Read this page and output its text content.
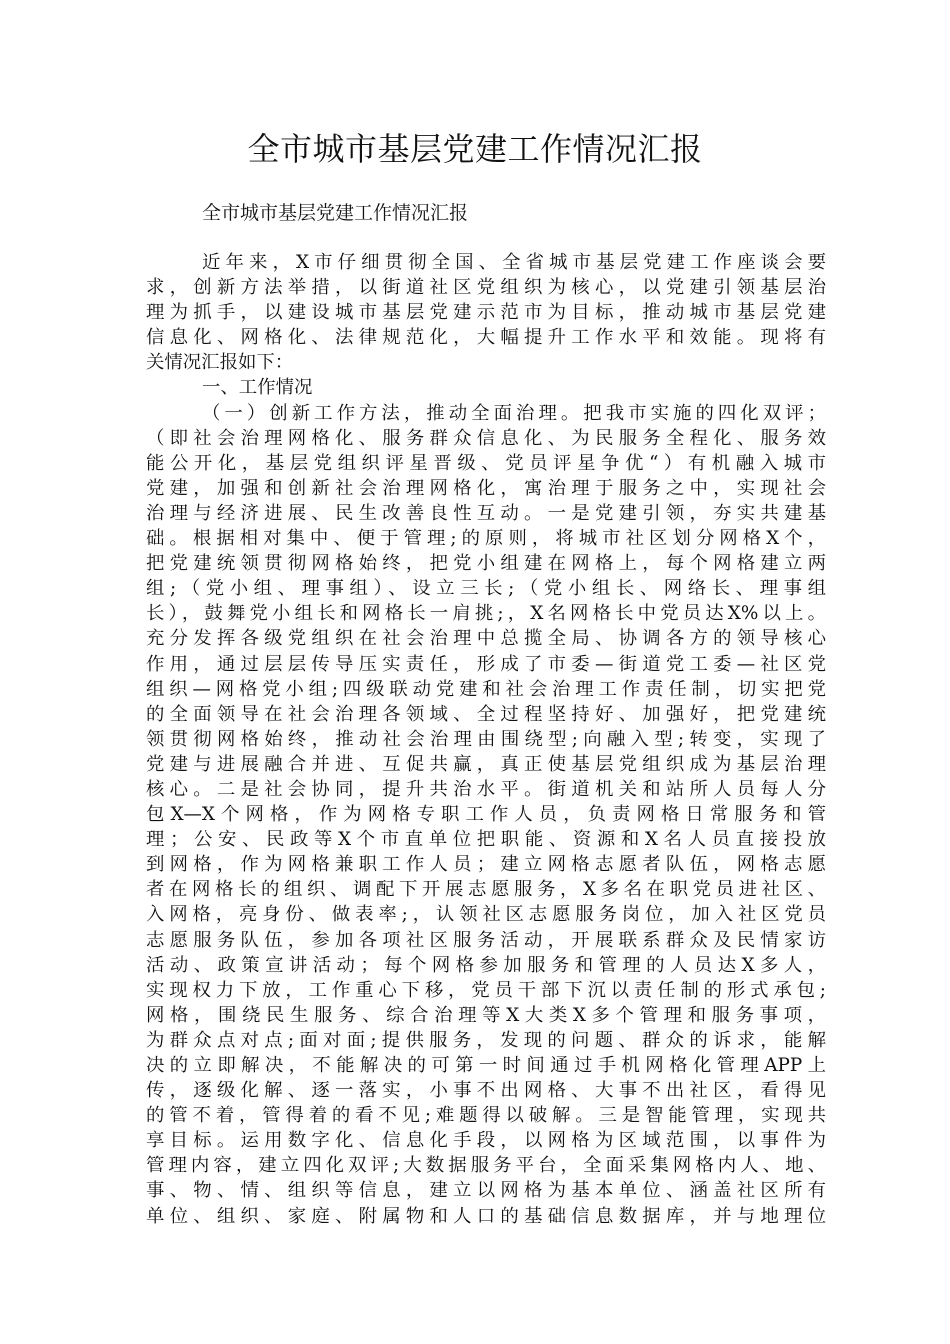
全市城市基层党建工作情况汇报

全市城市基层党建工作情况汇报

近年来，X市仔细贯彻全国、全省城市基层党建工作座谈会要
求，创新方法举措，以街道社区党组织为核心，以党建引领基层治
理为抓手，以建设城市基层党建示范市为目标，推动城市基层党建
信息化、网格化、法律规范化，大幅提升工作水平和效能。现将有
关情况汇报如下：
一、工作情况
（一）创新工作方法，推动全面治理。把我市实施的四化双评；
（即社会治理网格化、服务群众信息化、为民服务全程化、服务效
能公开化，基层党组织评星晋级、党员评星争优“）有机融入城市
党建，加强和创新社会治理网格化，寓治理于服务之中，实现社会
治理与经济进展、民生改善良性互动。一是党建引领，夯实共建基
础。根据相对集中、便于管理;的原则，将城市社区划分网格X个，
把党建统领贯彻网格始终，把党小组建在网格上，每个网格建立两
组;（党小组、理事组）、设立三长;（党小组长、网络长、理事组
长），鼓舞党小组长和网格长一肩挑;，X名网格长中党员达X%以上。
充分发挥各级党组织在社会治理中总揽全局、协调各方的领导核心
作用，通过层层传导压实责任，形成了市委—街道党工委—社区党
组织—网格党小组;四级联动党建和社会治理工作责任制，切实把党
的全面领导在社会治理各领域、全过程坚持好、加强好，把党建统
领贯彻网格始终，推动社会治理由围绕型;向融入型;转变，实现了
党建与进展融合并进、互促共赢，真正使基层党组织成为基层治理
核心。二是社会协同，提升共治水平。街道机关和站所人员每人分
包X—X个网格，作为网格专职工作人员，负责网格日常服务和管
理；公安、民政等X个市直单位把职能、资源和X名人员直接投放
到网格，作为网格兼职工作人员；建立网格志愿者队伍，网格志愿
者在网格长的组织、调配下开展志愿服务，X多名在职党员进社区、
入网格，亮身份、做表率;，认领社区志愿服务岗位，加入社区党员
志愿服务队伍，参加各项社区服务活动，开展联系群众及民情家访
活动、政策宣讲活动；每个网格参加服务和管理的人员达X多人，
实现权力下放，工作重心下移，党员干部下沉以责任制的形式承包;
网格，围绕民生服务、综合治理等X大类X多个管理和服务事项，
为群众点对点;面对面;提供服务，发现的问题、群众的诉求，能解
决的立即解决，不能解决的可第一时间通过手机网格化管理APP上
传，逐级化解、逐一落实，小事不出网格、大事不出社区，看得见
的管不着，管得着的看不见;难题得以破解。三是智能管理，实现共
享目标。运用数字化、信息化手段，以网格为区域范围，以事件为
管理内容，建立四化双评;大数据服务平台，全面采集网格内人、地、
事、物、情、组织等信息，建立以网格为基本单位、涵盖社区所有
单位、组织、家庭、附属物和人口的基础信息数据库，并与地理位
